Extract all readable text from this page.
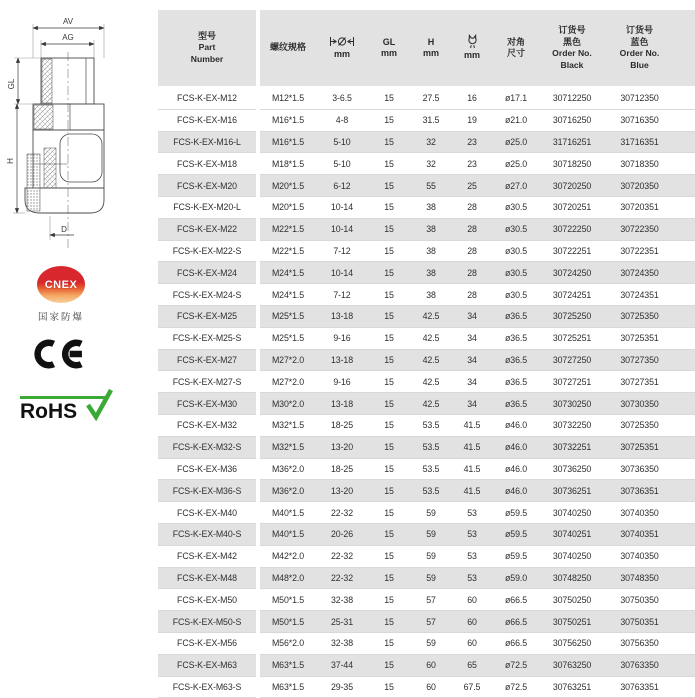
AV
AG
GL
H
D
CNEX
国家防爆
RoHS
型号
Part
Number

螺纹规格

mm

GL
mm

H
mm	mm

对角
尺寸

订货号
黑色
Order No.
Black

订货号
蓝色
Order No.
Blue

FCS-K-EX-M12		M12*1.5	3-6.5	15	27.5	16	ø17.1	30712250	30712350
FCS-K-EX-M16		M16*1.5	4-8	15	31.5	19	ø21.0	30716250	30716350
FCS-K-EX-M16-L		M16*1.5	5-10	15	32	23	ø25.0	31716251	31716351
FCS-K-EX-M18		M18*1.5	5-10	15	32	23	ø25.0	30718250	30718350
FCS-K-EX-M20		M20*1.5	6-12	15	55	25	ø27.0	30720250	30720350
FCS-K-EX-M20-L		M20*1.5	10-14	15	38	28	ø30.5	30720251	30720351
FCS-K-EX-M22		M22*1.5	10-14	15	38	28	ø30.5	30722250	30722350
FCS-K-EX-M22-S		M22*1.5	7-12	15	38	28	ø30.5	30722251	30722351
FCS-K-EX-M24		M24*1.5	10-14	15	38	28	ø30.5	30724250	30724350
FCS-K-EX-M24-S		M24*1.5	7-12	15	38	28	ø30.5	30724251	30724351
FCS-K-EX-M25		M25*1.5	13-18	15	42.5	34	ø36.5	30725250	30725350
FCS-K-EX-M25-S		M25*1.5	9-16	15	42.5	34	ø36.5	30725251	30725351
FCS-K-EX-M27		M27*2.0	13-18	15	42.5	34	ø36.5	30727250	30727350
FCS-K-EX-M27-S		M27*2.0	9-16	15	42.5	34	ø36.5	30727251	30727351
FCS-K-EX-M30		M30*2.0	13-18	15	42.5	34	ø36.5	30730250	30730350
FCS-K-EX-M32		M32*1.5	18-25	15	53.5	41.5	ø46.0	30732250	30725350
FCS-K-EX-M32-S		M32*1.5	13-20	15	53.5	41.5	ø46.0	30732251	30725351
FCS-K-EX-M36		M36*2.0	18-25	15	53.5	41.5	ø46.0	30736250	30736350
FCS-K-EX-M36-S		M36*2.0	13-20	15	53.5	41.5	ø46.0	30736251	30736351
FCS-K-EX-M40		M40*1.5	22-32	15	59	53	ø59.5	30740250	30740350
FCS-K-EX-M40-S		M40*1.5	20-26	15	59	53	ø59.5	30740251	30740351
FCS-K-EX-M42		M42*2.0	22-32	15	59	53	ø59.5	30740250	30740350
FCS-K-EX-M48		M48*2.0	22-32	15	59	53	ø59.0	30748250	30748350
FCS-K-EX-M50		M50*1.5	32-38	15	57	60	ø66.5	30750250	30750350
FCS-K-EX-M50-S		M50*1.5	25-31	15	57	60	ø66.5	30750251	30750351
FCS-K-EX-M56		M56*2.0	32-38	15	59	60	ø66.5	30756250	30756350
FCS-K-EX-M63		M63*1.5	37-44	15	60	65	ø72.5	30763250	30763350
FCS-K-EX-M63-S		M63*1.5	29-35	15	60	67.5	ø72.5	30763251	30763351
